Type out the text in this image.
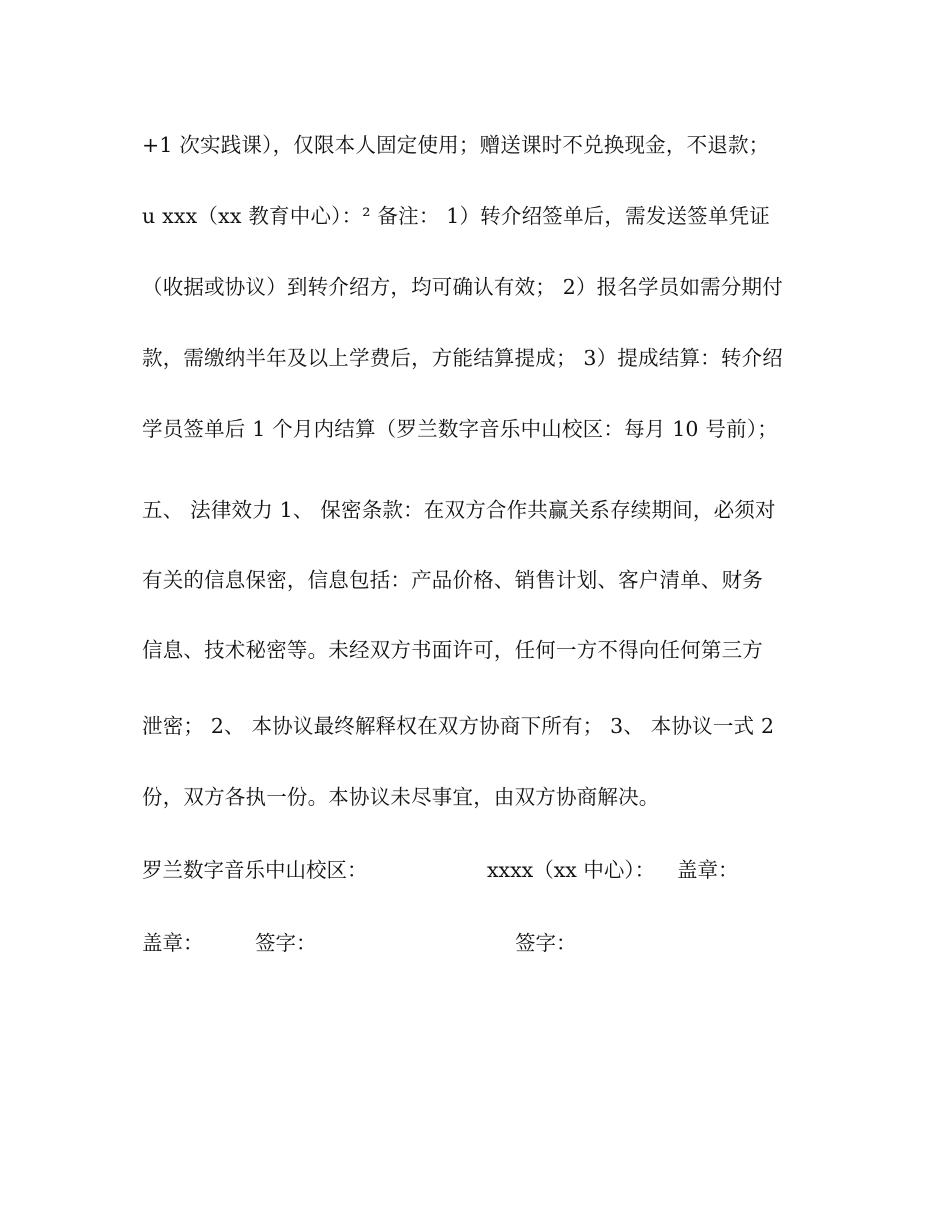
+1 次实践课），仅限本人固定使用；赠送课时不兑换现金，不退款；
u xxx（xx 教育中心）：² 备注： 1）转介绍签单后，需发送签单凭证
（收据或协议）到转介绍方，均可确认有效； 2）报名学员如需分期付
款，需缴纳半年及以上学费后，方能结算提成； 3）提成结算：转介绍
学员签单后 1 个月内结算（罗兰数字音乐中山校区：每月 10 号前）；
五、 法律效力 1、 保密条款：在双方合作共赢关系存续期间，必须对
有关的信息保密，信息包括：产品价格、销售计划、客户清单、财务
信息、技术秘密等。未经双方书面许可，任何一方不得向任何第三方
泄密； 2、 本协议最终解释权在双方协商下所有； 3、 本协议一式 2
份，双方各执一份。本协议未尽事宜，由双方协商解决。
罗兰数字音乐中山校区：	xxxx（xx 中心）： 盖章：
盖章：	签字：	签字：
